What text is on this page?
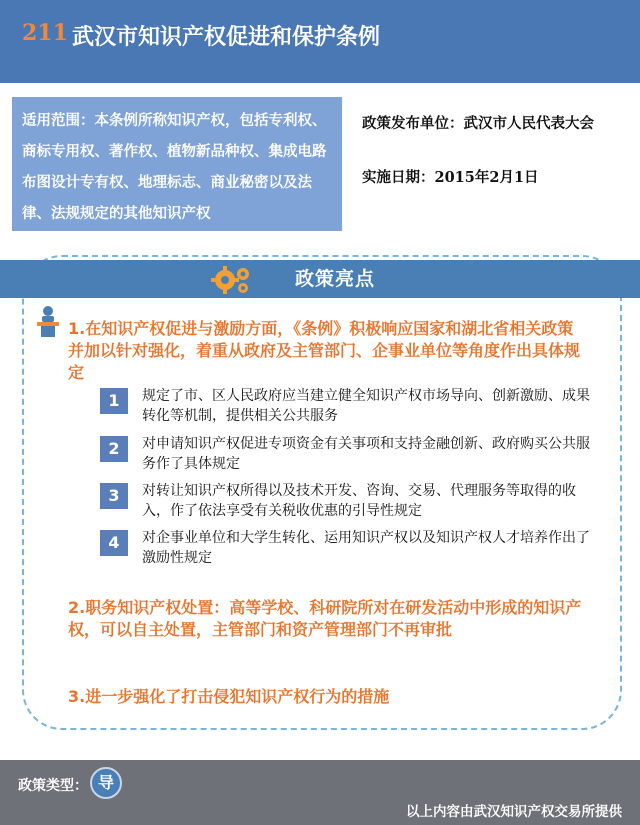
211 武汉市知识产权促进和保护条例
适用范围：本条例所称知识产权，包括专利权、商标专用权、著作权、植物新品种权、集成电路布图设计专有权、地理标志、商业秘密以及法律、法规规定的其他知识产权
政策发布单位：武汉市人民代表大会
实施日期：2015年2月1日
政策亮点
1.在知识产权促进与激励方面，《条例》积极响应国家和湖北省相关政策并加以针对强化，着重从政府及主管部门、企事业单位等角度作出具体规定
1	规定了市、区人民政府应当建立健全知识产权市场导向、创新激励、成果转化等机制，提供相关公共服务
2	对申请知识产权促进专项资金有关事项和支持金融创新、政府购买公共服务作了具体规定
3	对转让知识产权所得以及技术开发、咨询、交易、代理服务等取得的收入，作了依法享受有关税收优惠的引导性规定
4	对企事业单位和大学生转化、运用知识产权以及知识产权人才培养作出了激励性规定
2.职务知识产权处置：高等学校、科研院所对在研发活动中形成的知识产权，可以自主处置，主管部门和资产管理部门不再审批
3.进一步强化了打击侵犯知识产权行为的措施
政策类型： 导
以上内容由武汉知识产权交易所提供
